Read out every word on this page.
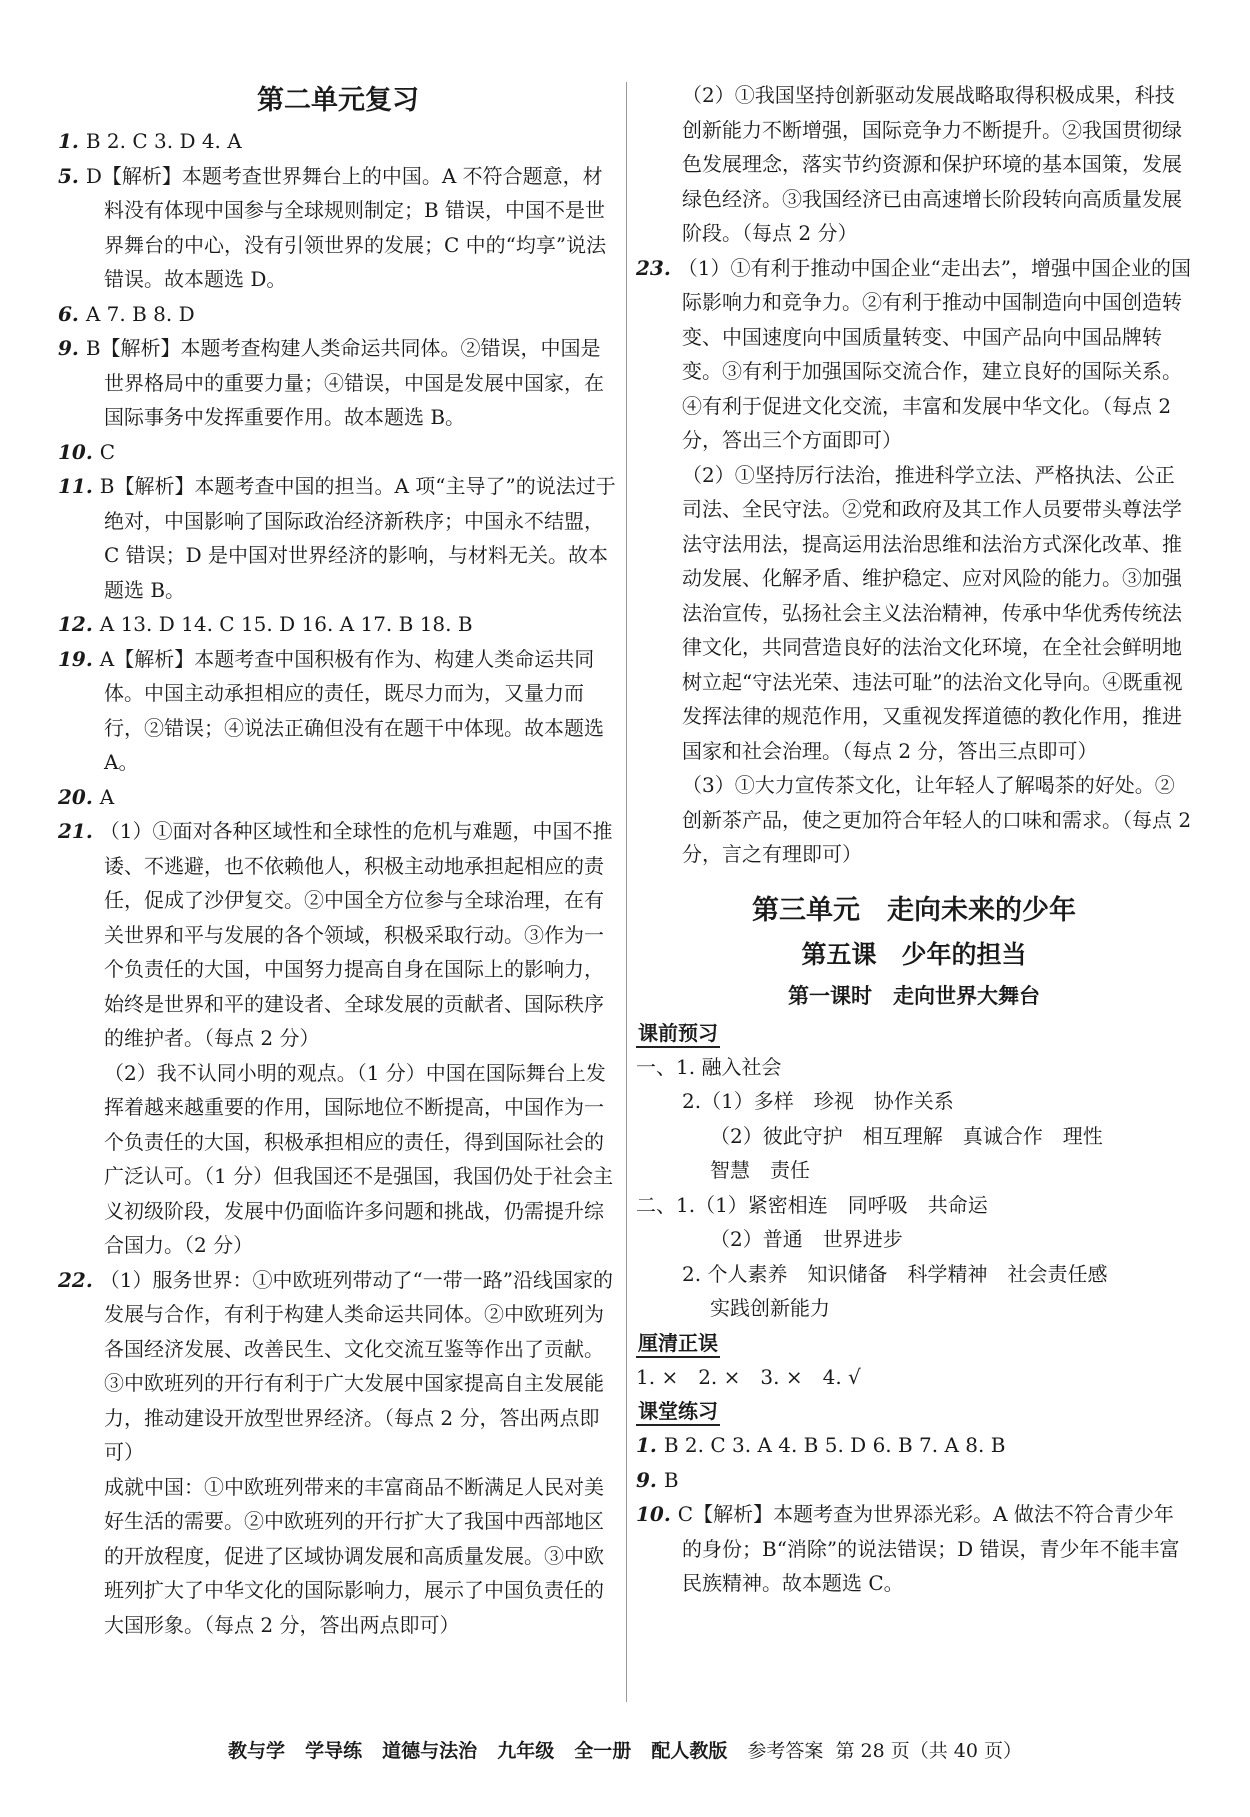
第二单元复习

1. B 2. C 3. D 4. A

5. D【解析】本题考查世界舞台上的中国。A 不符合题意，材料没有体现中国参与全球规则制定；B 错误，中国不是世界舞台的中心，没有引领世界的发展；C 中的“均享”说法错误。故本题选 D。

6. A 7. B 8. D

9. B【解析】本题考查构建人类命运共同体。②错误，中国是世界格局中的重要力量；④错误，中国是发展中国家，在国际事务中发挥重要作用。故本题选 B。

10. C

11. B【解析】本题考查中国的担当。A 项“主导了”的说法过于绝对，中国影响了国际政治经济新秩序；中国永不结盟，C 错误；D 是中国对世界经济的影响，与材料无关。故本题选 B。

12. A 13. D 14. C 15. D 16. A 17. B 18. B

19. A【解析】本题考查中国积极有作为、构建人类命运共同体。中国主动承担相应的责任，既尽力而为，又量力而行，②错误；④说法正确但没有在题干中体现。故本题选 A。

20. A

21. （1）①面对各种区域性和全球性的危机与难题，中国不推诿、不逃避，也不依赖他人，积极主动地承担起相应的责任，促成了沙伊复交。②中国全方位参与全球治理，在有关世界和平与发展的各个领域，积极采取行动。③作为一个负责任的大国，中国努力提高自身在国际上的影响力，始终是世界和平的建设者、全球发展的贡献者、国际秩序的维护者。（每点 2 分）

（2）我不认同小明的观点。（1 分）中国在国际舞台上发挥着越来越重要的作用，国际地位不断提高，中国作为一个负责任的大国，积极承担相应的责任，得到国际社会的广泛认可。（1 分）但我国还不是强国，我国仍处于社会主义初级阶段，发展中仍面临许多问题和挑战，仍需提升综合国力。（2 分）

22. （1）服务世界：①中欧班列带动了“一带一路”沿线国家的发展与合作，有利于构建人类命运共同体。②中欧班列为各国经济发展、改善民生、文化交流互鉴等作出了贡献。③中欧班列的开行有利于广大发展中国家提高自主发展能力，推动建设开放型世界经济。（每点 2 分，答出两点即可）

成就中国：①中欧班列带来的丰富商品不断满足人民对美好生活的需要。②中欧班列的开行扩大了我国中西部地区的开放程度，促进了区域协调发展和高质量发展。③中欧班列扩大了中华文化的国际影响力，展示了中国负责任的大国形象。（每点 2 分，答出两点即可）

（2）①我国坚持创新驱动发展战略取得积极成果，科技创新能力不断增强，国际竞争力不断提升。②我国贯彻绿色发展理念，落实节约资源和保护环境的基本国策，发展绿色经济。③我国经济已由高速增长阶段转向高质量发展阶段。（每点 2 分）

23. （1）①有利于推动中国企业“走出去”，增强中国企业的国际影响力和竞争力。②有利于推动中国制造向中国创造转变、中国速度向中国质量转变、中国产品向中国品牌转变。③有利于加强国际交流合作，建立良好的国际关系。④有利于促进文化交流，丰富和发展中华文化。（每点 2 分，答出三个方面即可）

（2）①坚持厉行法治，推进科学立法、严格执法、公正司法、全民守法。②党和政府及其工作人员要带头尊法学法守法用法，提高运用法治思维和法治方式深化改革、推动发展、化解矛盾、维护稳定、应对风险的能力。③加强法治宣传，弘扬社会主义法治精神，传承中华优秀传统法律文化，共同营造良好的法治文化环境，在全社会鲜明地树立起“守法光荣、违法可耻”的法治文化导向。④既重视发挥法律的规范作用，又重视发挥道德的教化作用，推进国家和社会治理。（每点 2 分，答出三点即可）

（3）①大力宣传茶文化，让年轻人了解喝茶的好处。②创新茶产品，使之更加符合年轻人的口味和需求。（每点 2 分，言之有理即可）

第三单元　走向未来的少年
第五课　少年的担当
第一课时　走向世界大舞台
课前预习

一、1. 融入社会

2.（1）多样　珍视　协作关系

（2）彼此守护　相互理解　真诚合作　理性

智慧　责任

二、1.（1）紧密相连　同呼吸　共命运

（2）普通　世界进步

2. 个人素养　知识储备　科学精神　社会责任感

实践创新能力

厘清正误

1. ×　2. ×　3. ×　4. √

课堂练习

1. B 2. C 3. A 4. B 5. D 6. B 7. A 8. B

9. B

10. C【解析】本题考查为世界添光彩。A 做法不符合青少年的身份；B“消除”的说法错误；D 错误，青少年不能丰富民族精神。故本题选 C。

教与学 学导练 道德与法治 九年级 全一册 配人教版 参考答案 第 28 页（共 40 页）
